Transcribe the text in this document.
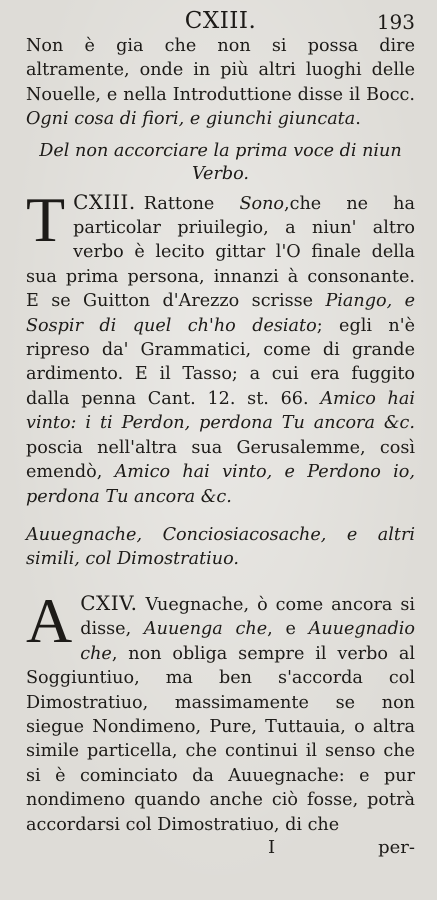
CXIII.	193

Non è gia che non si possa dire altramente, onde in più altri luoghi delle Nouelle, e nella Introduttione disse il Bocc. Ogni cosa di fiori, e giunchi giuncata.

Del non accorciare la prima voce di niun Verbo.

CXIII.
T	Rattone Sono,che ne ha particolar priuilegio, a niun' altro verbo è lecito gittar l'O finale della sua prima persona, innanzi à consonante. E se Guitton d'Arezzo scrisse Piango, e Sospir di quel ch'ho desiato; egli n'è ripreso da' Grammatici, come di grande ardimento. E il Tasso; a cui era fuggito dalla penna Cant. 12. st. 66. Amico hai vinto: i ti Perdon, perdona Tu ancora &c. poscia nell'altra sua Gerusalemme, così emendò, Amico hai vinto, e Perdono io, perdona Tu ancora &c.

Auuegnache, Conciosiacosache, e altri simili, col Dimostratiuo.

CXIV.
A	Vuegnache, ò come ancora si disse, Auuenga che, e Auuegnadio che, non obliga sempre il verbo al Soggiuntiuo, ma ben s'accorda col Dimostratiuo, massimamente se non siegue Nondimeno, Pure, Tuttauia, o altra simile particella, che continui il senso che si è cominciato da Auuegnache: e pur nondimeno quando anche ciò fosse, potrà accordarsi col Dimostratiuo, di che

I	per-
